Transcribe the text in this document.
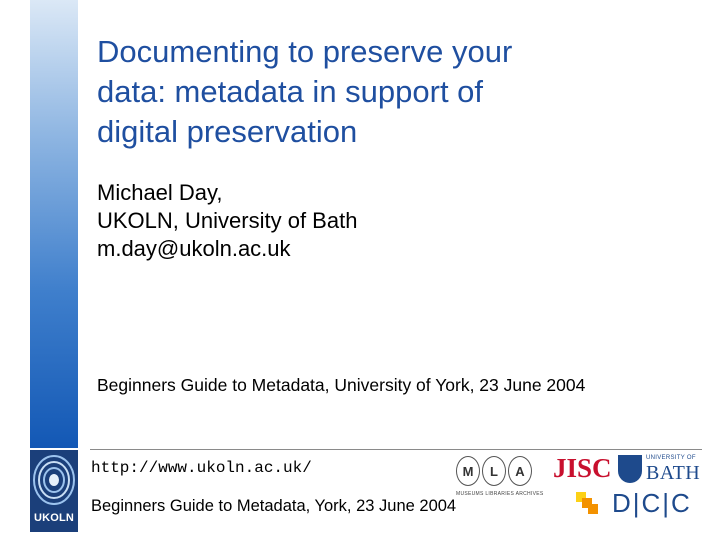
Documenting to preserve your
data: metadata in support of
digital preservation
Michael Day,
UKOLN, University of Bath
m.day@ukoln.ac.uk
Beginners Guide to Metadata, University of York, 23 June 2004
http://www.ukoln.ac.uk/
Beginners Guide to Metadata, York, 23 June 2004
UKOLN
M	L	A
MUSEUMS LIBRARIES ARCHIVES
JISC	UNIVERSITY OF
BATH
D|C|C
